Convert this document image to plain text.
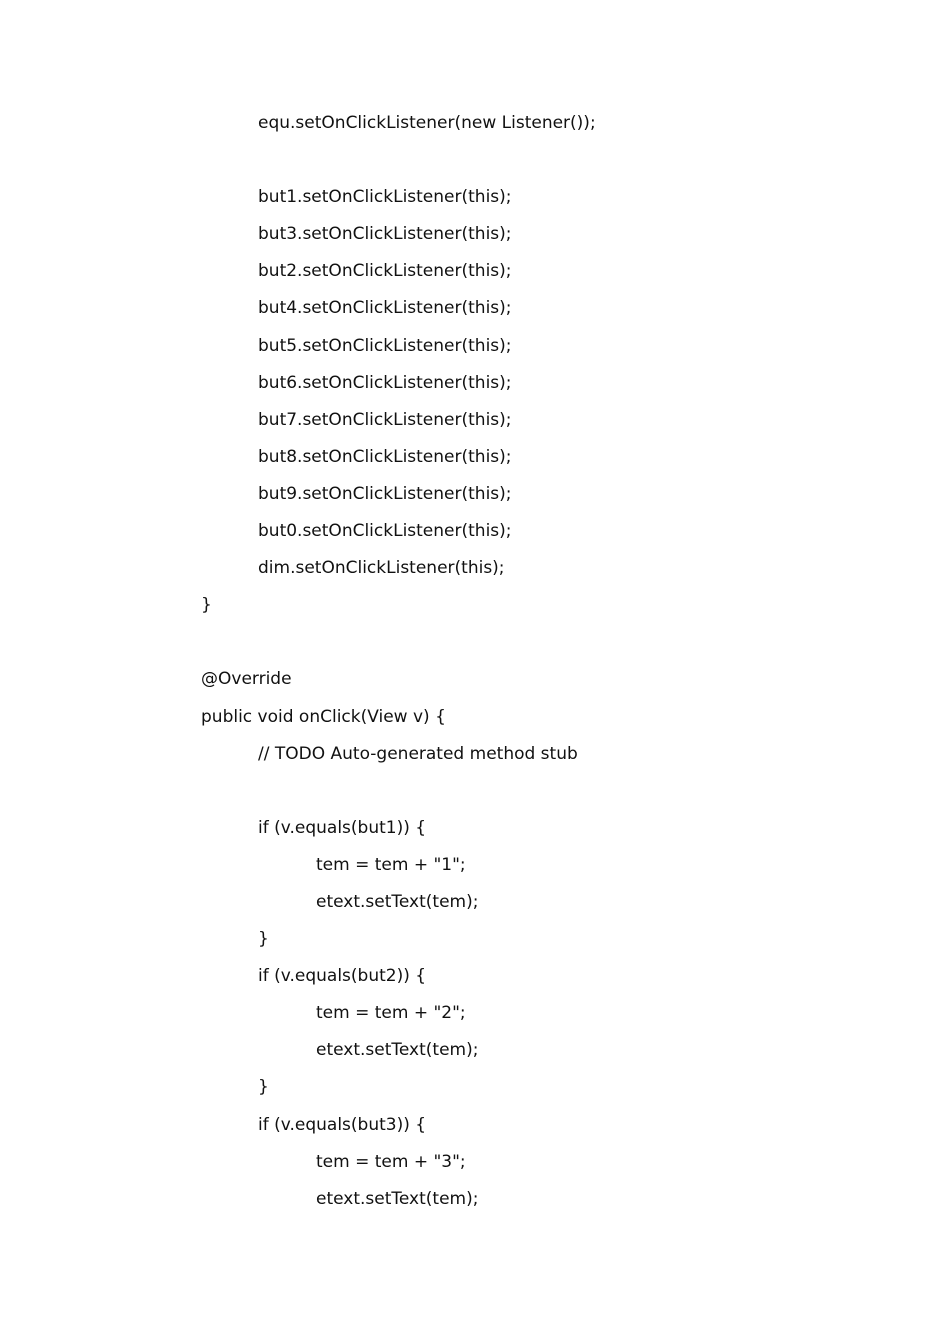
equ.setOnClickListener(new Listener());
but1.setOnClickListener(this);
but3.setOnClickListener(this);
but2.setOnClickListener(this);
but4.setOnClickListener(this);
but5.setOnClickListener(this);
but6.setOnClickListener(this);
but7.setOnClickListener(this);
but8.setOnClickListener(this);
but9.setOnClickListener(this);
but0.setOnClickListener(this);
dim.setOnClickListener(this);
}
@Override
public void onClick(View v) {
// TODO Auto-generated method stub
if (v.equals(but1)) {
tem = tem + "1";
etext.setText(tem);
}
if (v.equals(but2)) {
tem = tem + "2";
etext.setText(tem);
}
if (v.equals(but3)) {
tem = tem + "3";
etext.setText(tem);
